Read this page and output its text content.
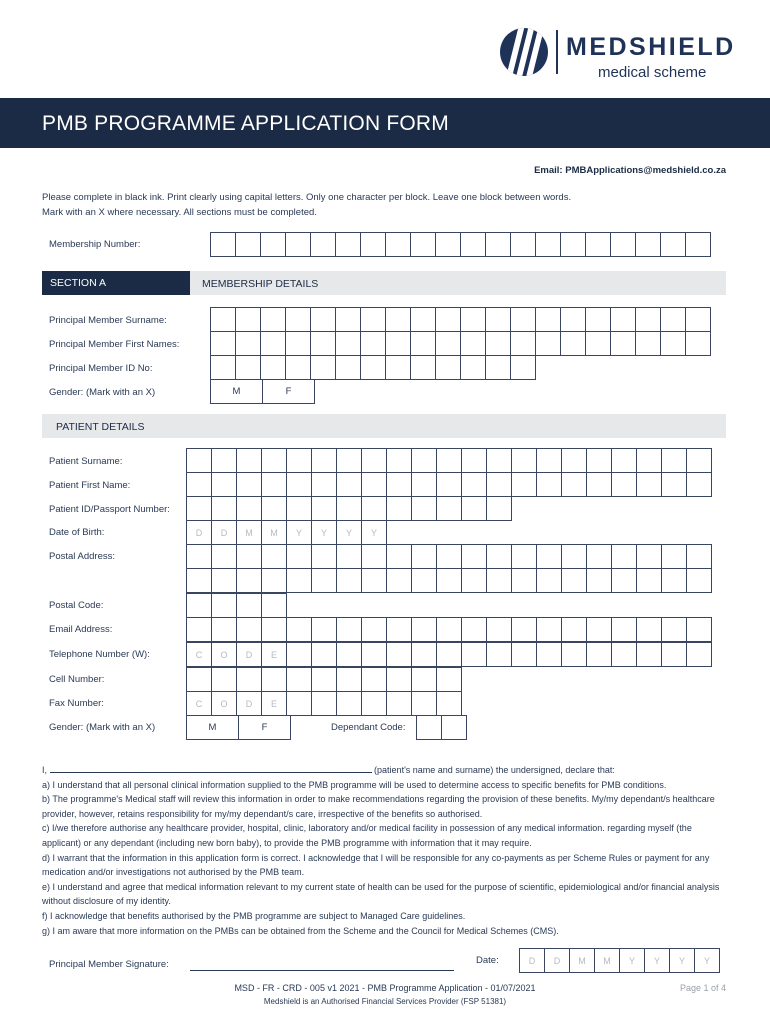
MEDSHIELD
medical scheme
PMB PROGRAMME APPLICATION FORM
Email: PMBApplications@medshield.co.za
Please complete in black ink. Print clearly using capital letters. Only one character per block. Leave one block between words.
Mark with an X where necessary. All sections must be completed.
Membership Number:
SECTION A	MEMBERSHIP DETAILS
Principal Member Surname:
Principal Member First Names:
Principal Member ID No:
Gender: (Mark with an X)	M	F
PATIENT DETAILS
Patient Surname:
Patient First Name:
Patient ID/Passport Number:
Date of Birth:	D	D	M	M	Y	Y	Y	Y
Postal Address:
Postal Code:
Email Address:
Telephone Number (W):	C	O	D	E
Cell Number:
Fax Number:	C	O	D	E
Gender: (Mark with an X)	M	F	Dependant Code:

I,	(patient's name and surname) the undersigned, declare that:

a) I understand that all personal clinical information supplied to the PMB programme will be used to determine access to specific benefits for PMB conditions.

b) The programme's Medical staff will review this information in order to make recommendations regarding the provision of these benefits. My/my dependant/s healthcare provider, however, retains responsibility for my/my dependant/s care, irrespective of the benefits so authorised.

c) I/we therefore authorise any healthcare provider, hospital, clinic, laboratory and/or medical facility in possession of any medical information. regarding myself (the applicant) or any dependant (including new born baby), to provide the PMB programme with information that it may require.

d) I warrant that the information in this application form is correct. I acknowledge that I will be responsible for any co-payments as per Scheme Rules or payment for any medication and/or investigations not authorised by the PMB team.

e) I understand and agree that medical information relevant to my current state of health can be used for the purpose of scientific, epidemiological and/or financial analysis without disclosure of my identity.

f) I acknowledge that benefits authorised by the PMB programme are subject to Managed Care guidelines.

g) I am aware that more information on the PMBs can be obtained from the Scheme and the Council for Medical Schemes (CMS).

Principal Member Signature:	Date:	D	D	M	M	Y	Y	Y	Y
MSD - FR - CRD - 005 v1 2021 - PMB Programme Application - 01/07/2021	Page 1 of 4
Medshield is an Authorised Financial Services Provider (FSP 51381)
